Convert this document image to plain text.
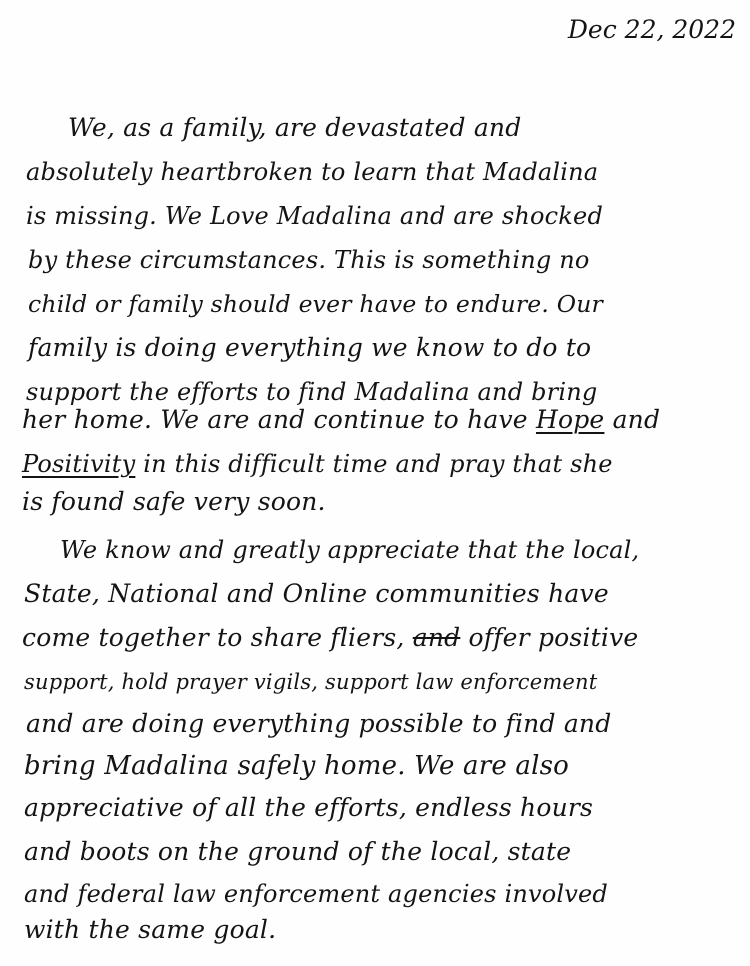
Dec 22, 2022
We, as a family, are devastated and
absolutely heartbroken to learn that Madalina
is missing. We Love Madalina and are shocked
by these circumstances. This is something no
child or family should ever have to endure. Our
family is doing everything we know to do to
support the efforts to find Madalina and bring
her home. We are and continue to have Hope and
Positivity in this difficult time and pray that she
is found safe very soon.
We know and greatly appreciate that the local,
State, National and Online communities have
come together to share fliers, and offer positive
support, hold prayer vigils, support law enforcement
and are doing everything possible to find and
bring Madalina safely home. We are also
appreciative of all the efforts, endless hours
and boots on the ground of the local, state
and federal law enforcement agencies involved
with the same goal.
